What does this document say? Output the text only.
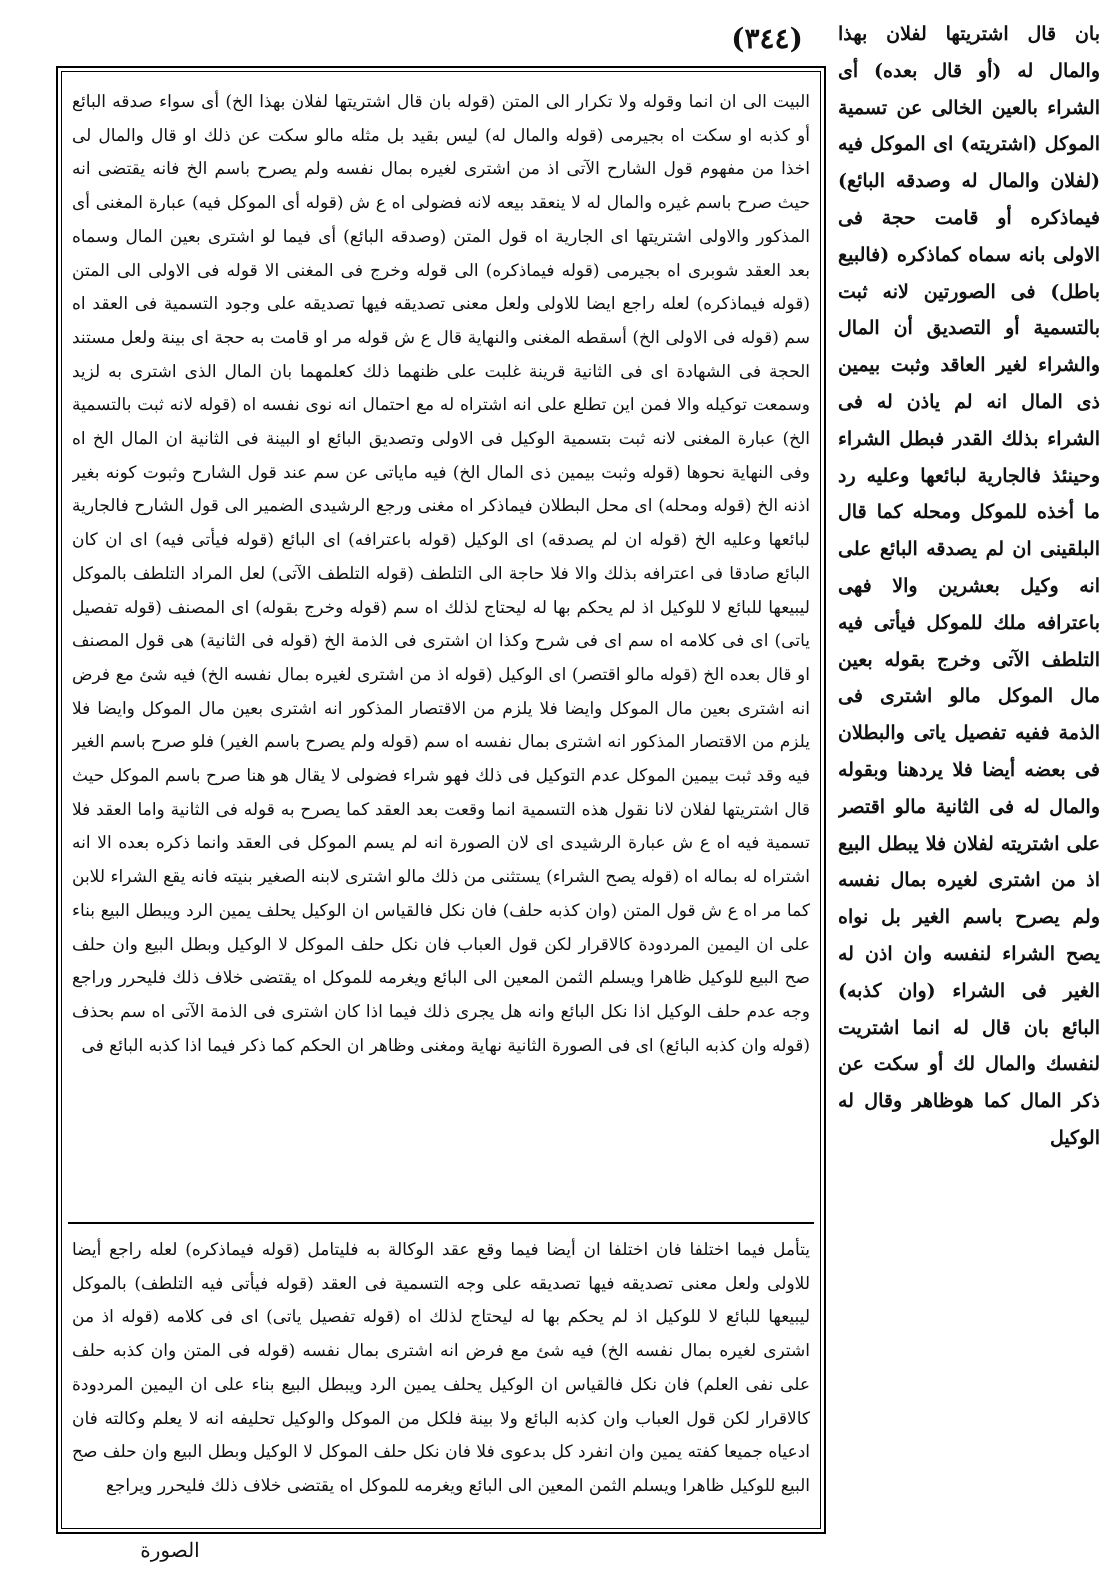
(٣٤٤)	بان قال اشتريتها لفلان بهذا والمال له (أو قال بعده) أى الشراء بالعين الخالى عن تسمية الموكل (اشتريته) اى الموكل فيه (لفلان والمال له وصدقه البائع) فيماذكره أو قامت حجة فى الاولى بانه سماه كماذكره (فالبيع باطل) فى الصورتين لانه ثبت بالتسمية أو التصديق أن المال والشراء لغير العاقد وثبت بيمين ذى المال انه لم ياذن له فى الشراء بذلك القدر فبطل الشراء وحينئذ فالجارية لبائعها وعليه رد ما أخذه للموكل ومحله كما قال البلقينى ان لم يصدقه البائع على انه وكيل بعشرين والا فهى باعترافه ملك للموكل فيأتى فيه التلطف الآتى وخرج بقوله بعين مال الموكل مالو اشترى فى الذمة ففيه تفصيل ياتى والبطلان فى بعضه أيضا فلا يردهنا وبقوله والمال له فى الثانية مالو اقتصر على اشتريته لفلان فلا يبطل البيع اذ من اشترى لغيره بمال نفسه ولم يصرح باسم الغير بل نواه يصح الشراء لنفسه وان اذن له الغير فى الشراء (وان كذبه) البائع بان قال له انما اشتريت لنفسك والمال لك أو سكت عن ذكر المال كما هوظاهر وقال له الوكيل

البيت الى ان انما وقوله ولا تكرار الى المتن (قوله بان قال اشتريتها لفلان بهذا الخ) أى سواء صدقه البائع أو كذبه او سكت اه بجيرمى (قوله والمال له) ليس بقيد بل مثله مالو سكت عن ذلك او قال والمال لى اخذا من مفهوم قول الشارح الآتى اذ من اشترى لغيره بمال نفسه ولم يصرح باسم الخ فانه يقتضى انه حيث صرح باسم غيره والمال له لا ينعقد بيعه لانه فضولى اه ع ش (قوله أى الموكل فيه) عبارة المغنى أى المذكور والاولى اشتريتها اى الجارية اه قول المتن (وصدقه البائع) أى فيما لو اشترى بعين المال وسماه بعد العقد شوبرى اه بجيرمى (قوله فيماذكره) الى قوله وخرج فى المغنى الا قوله فى الاولى الى المتن (قوله فيماذكره) لعله راجع ايضا للاولى ولعل معنى تصديقه فيها تصديقه على وجود التسمية فى العقد اه سم (قوله فى الاولى الخ) أسقطه المغنى والنهاية قال ع ش قوله مر او قامت به حجة اى بينة ولعل مستند الحجة فى الشهادة اى فى الثانية قرينة غلبت على ظنهما ذلك كعلمهما بان المال الذى اشترى به لزيد وسمعت توكيله والا فمن اين تطلع على انه اشتراه له مع احتمال انه نوى نفسه اه (قوله لانه ثبت بالتسمية الخ) عبارة المغنى لانه ثبت بتسمية الوكيل فى الاولى وتصديق البائع او البينة فى الثانية ان المال الخ اه وفى النهاية نحوها (قوله وثبت بيمين ذى المال الخ) فيه ماياتى عن سم عند قول الشارح وثبوت كونه بغير اذنه الخ (قوله ومحله) اى محل البطلان فيماذكر اه مغنى ورجع الرشيدى الضمير الى قول الشارح فالجارية لبائعها وعليه الخ (قوله ان لم يصدقه) اى الوكيل (قوله باعترافه) اى البائع (قوله فيأتى فيه) اى ان كان البائع صادقا فى اعترافه بذلك والا فلا حاجة الى التلطف (قوله التلطف الآتى) لعل المراد التلطف بالموكل ليبيعها للبائع لا للوكيل اذ لم يحكم بها له ليحتاج لذلك اه سم (قوله وخرج بقوله) اى المصنف (قوله تفصيل ياتى) اى فى كلامه اه سم اى فى شرح وكذا ان اشترى فى الذمة الخ (قوله فى الثانية) هى قول المصنف او قال بعده الخ (قوله مالو اقتصر) اى الوكيل (قوله اذ من اشترى لغيره بمال نفسه الخ) فيه شئ مع فرض انه اشترى بعين مال الموكل وايضا فلا يلزم من الاقتصار المذكور انه اشترى بعين مال الموكل وايضا فلا يلزم من الاقتصار المذكور انه اشترى بمال نفسه اه سم (قوله ولم يصرح باسم الغير) فلو صرح باسم الغير فيه وقد ثبت بيمين الموكل عدم التوكيل فى ذلك فهو شراء فضولى لا يقال هو هنا صرح باسم الموكل حيث قال اشتريتها لفلان لانا نقول هذه التسمية انما وقعت بعد العقد كما يصرح به قوله فى الثانية واما العقد فلا تسمية فيه اه ع ش عبارة الرشيدى اى لان الصورة انه لم يسم الموكل فى العقد وانما ذكره بعده الا انه اشتراه له بماله اه (قوله يصح الشراء) يستثنى من ذلك مالو اشترى لابنه الصغير بنيته فانه يقع الشراء للابن كما مر اه ع ش قول المتن (وان كذبه حلف) فان نكل فالقياس ان الوكيل يحلف يمين الرد ويبطل البيع بناء على ان اليمين المردودة كالاقرار لكن قول العباب فان نكل حلف الموكل لا الوكيل وبطل البيع وان حلف صح البيع للوكيل ظاهرا ويسلم الثمن المعين الى البائع ويغرمه للموكل اه يقتضى خلاف ذلك فليحرر وراجع وجه عدم حلف الوكيل اذا نكل البائع وانه هل يجرى ذلك فيما اذا كان اشترى فى الذمة الآتى اه سم بحذف (قوله وان كذبه البائع) اى فى الصورة الثانية نهاية ومغنى وظاهر ان الحكم كما ذكر فيما اذا كذبه البائع فى

يتأمل فيما اختلفا فان اختلفا ان أيضا فيما وقع عقد الوكالة به فليتامل (قوله فيماذكره) لعله راجع أيضا للاولى ولعل معنى تصديقه فيها تصديقه على وجه التسمية فى العقد (قوله فيأتى فيه التلطف) بالموكل ليبيعها للبائع لا للوكيل اذ لم يحكم بها له ليحتاج لذلك اه (قوله تفصيل ياتى) اى فى كلامه (قوله اذ من اشترى لغيره بمال نفسه الخ) فيه شئ مع فرض انه اشترى بمال نفسه (قوله فى المتن وان كذبه حلف على نفى العلم) فان نكل فالقياس ان الوكيل يحلف يمين الرد ويبطل البيع بناء على ان اليمين المردودة كالاقرار لكن قول العباب وان كذبه البائع ولا بينة فلكل من الموكل والوكيل تحليفه انه لا يعلم وكالته فان ادعياه جميعا كفته يمين وان انفرد كل بدعوى فلا فان نكل حلف الموكل لا الوكيل وبطل البيع وان حلف صح البيع للوكيل ظاهرا ويسلم الثمن المعين الى البائع ويغرمه للموكل اه يقتضى خلاف ذلك فليحرر ويراجع

الصورة
